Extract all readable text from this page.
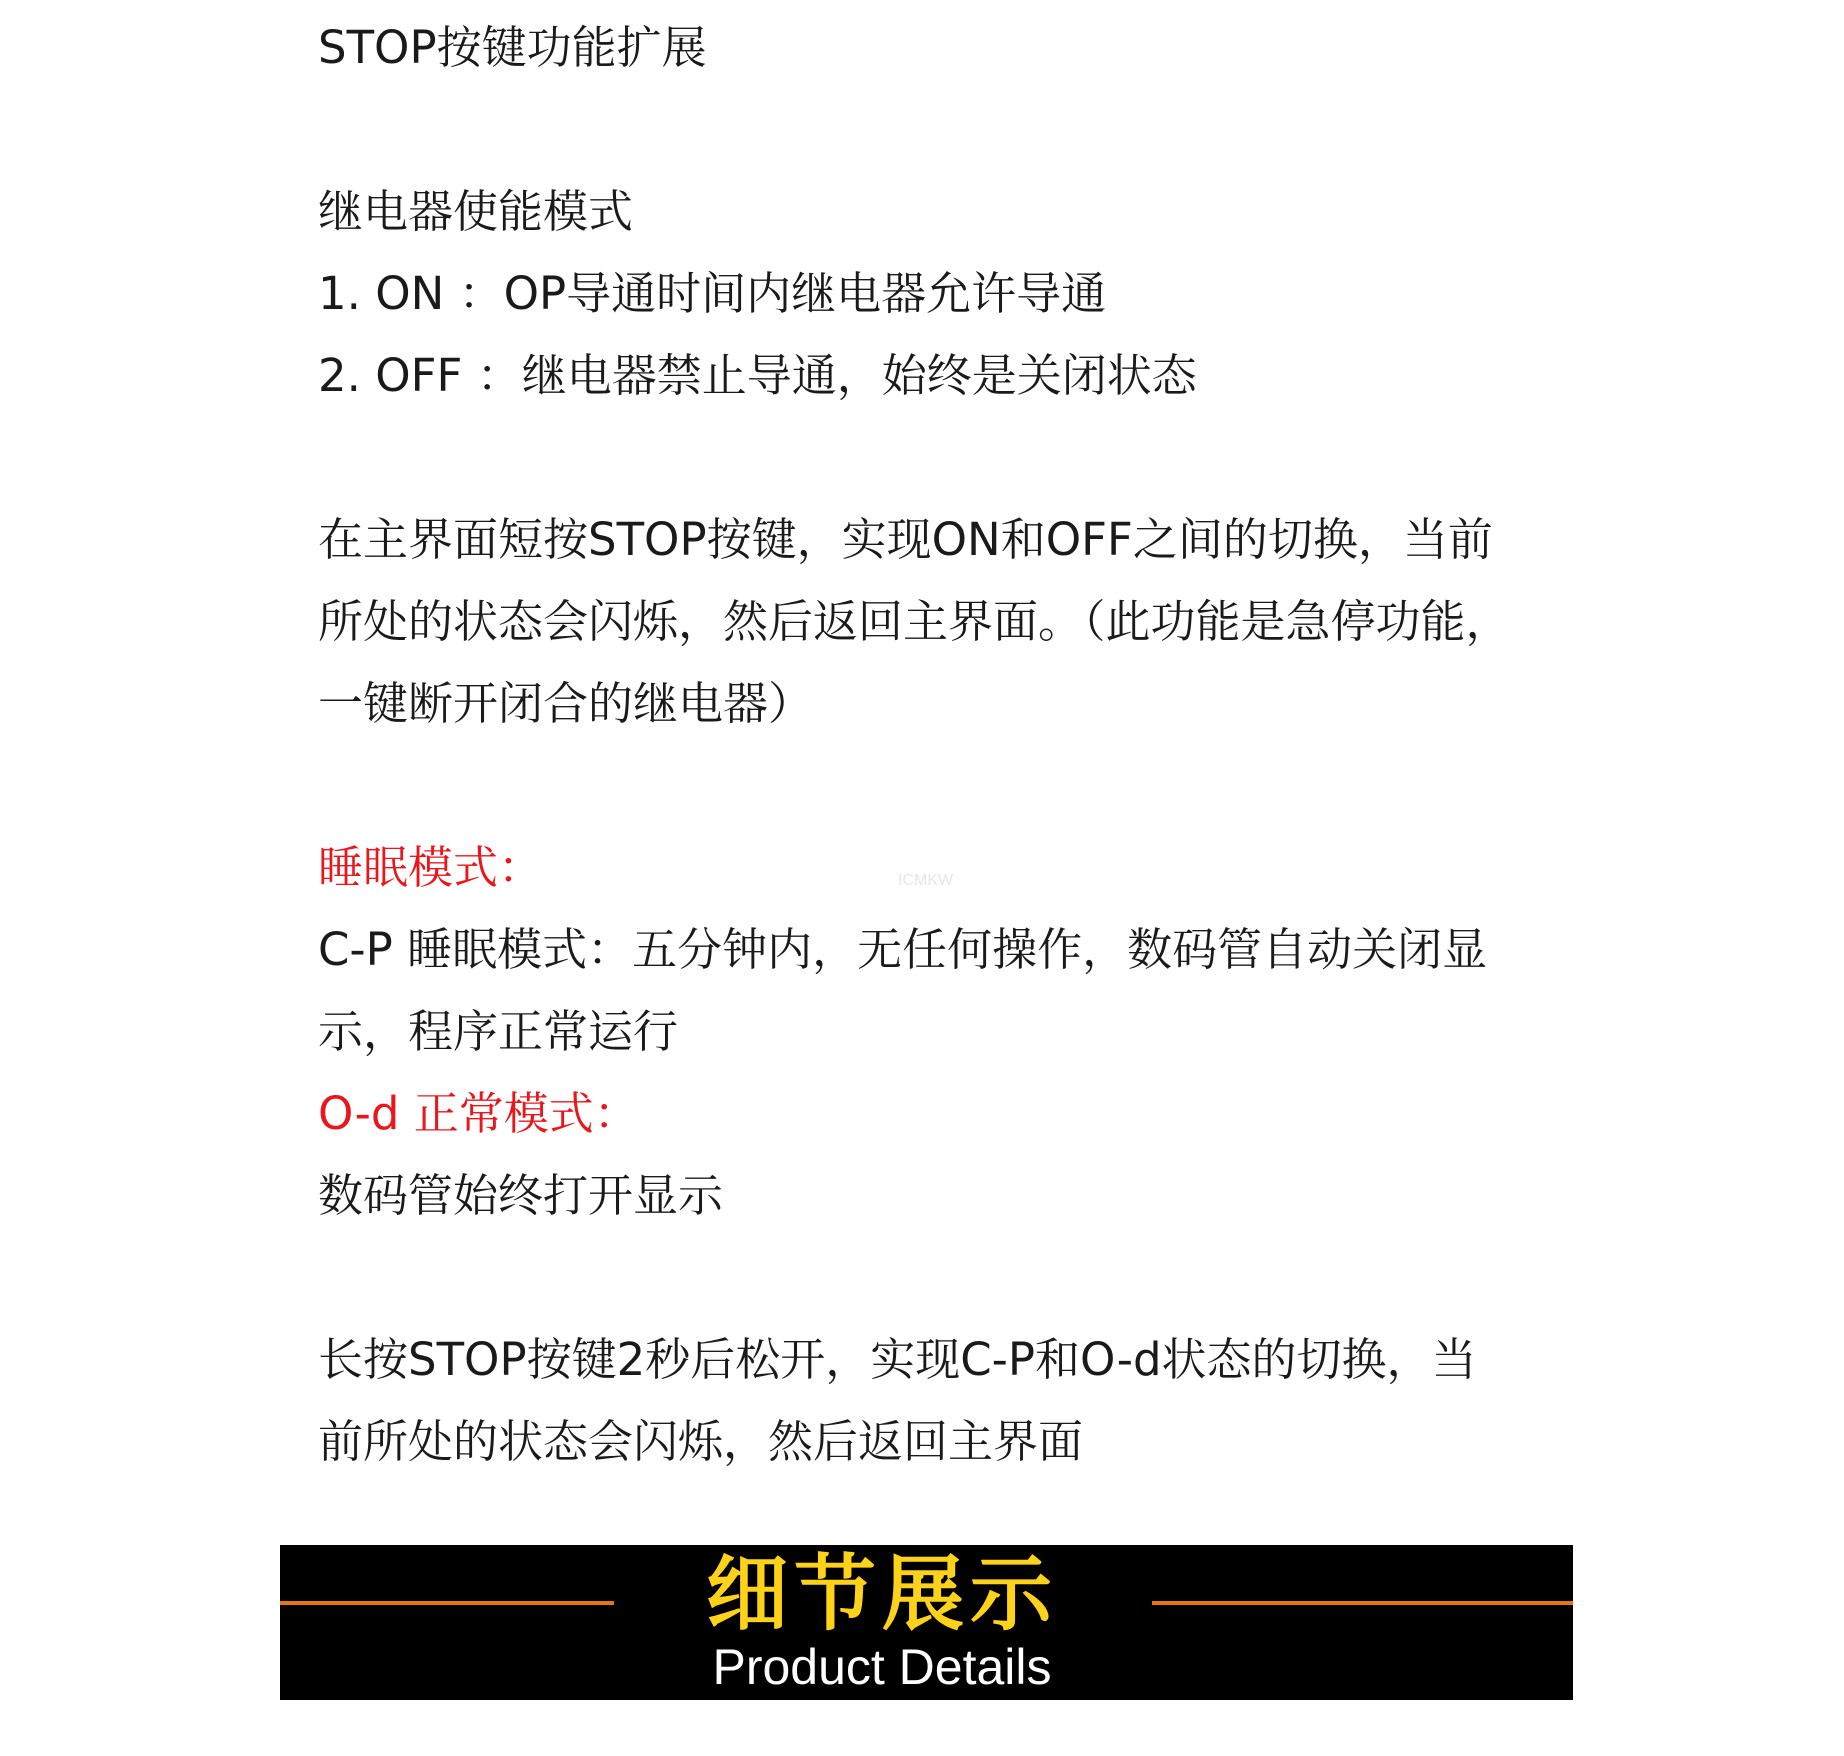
STOP按键功能扩展
继电器使能模式
1. ON ：OP导通时间内继电器允许导通
2. OFF ：继电器禁止导通，始终是关闭状态
在主界面短按STOP按键，实现ON和OFF之间的切换，当前
所处的状态会闪烁，然后返回主界面。（此功能是急停功能，
一键断开闭合的继电器）
睡眠模式：	ICMKW
C-P 睡眠模式：五分钟内，无任何操作，数码管自动关闭显
示，程序正常运行
O-d 正常模式：
数码管始终打开显示
长按STOP按键2秒后松开，实现C-P和O-d状态的切换，当
前所处的状态会闪烁，然后返回主界面
细节展示
Product Details
